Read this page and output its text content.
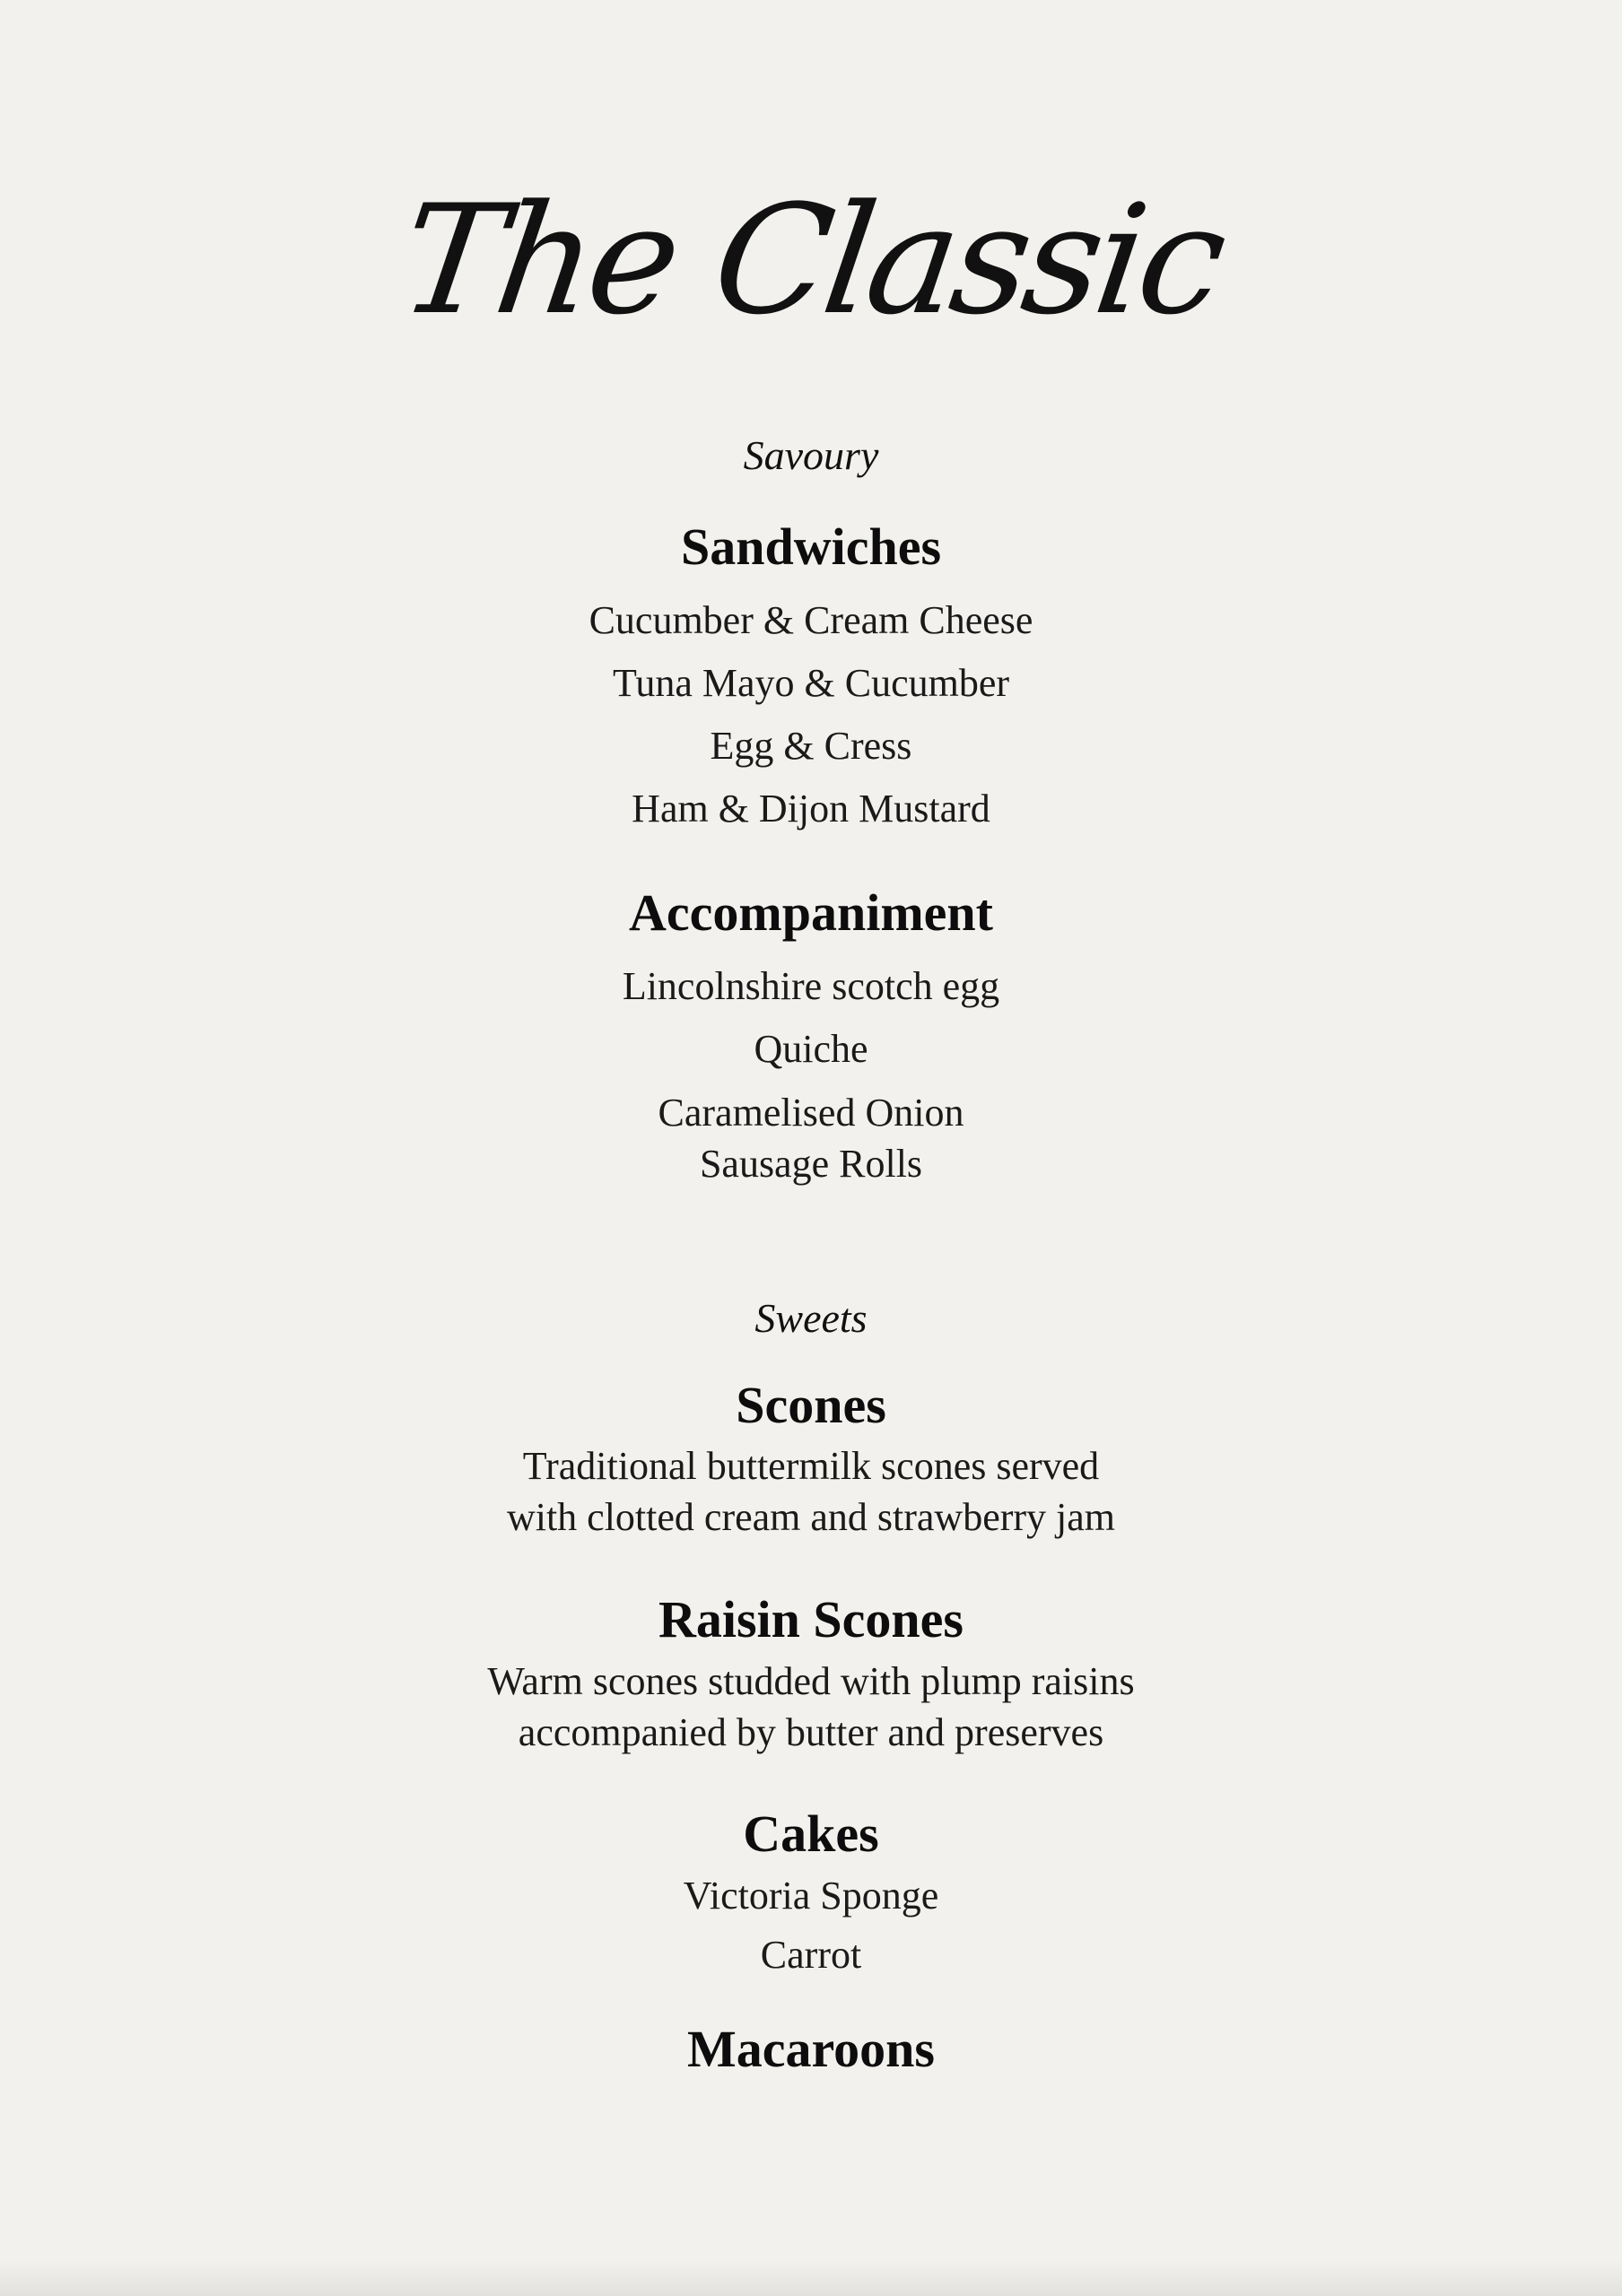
The Classic
Savoury
Sandwiches
Cucumber & Cream Cheese
Tuna Mayo & Cucumber
Egg & Cress
Ham & Dijon Mustard
Accompaniment
Lincolnshire scotch egg
Quiche
Caramelised Onion
Sausage Rolls
Sweets
Scones
Traditional buttermilk scones served
with clotted cream and strawberry jam
Raisin Scones
Warm scones studded with plump raisins
accompanied by butter and preserves
Cakes
Victoria Sponge
Carrot
Macaroons
